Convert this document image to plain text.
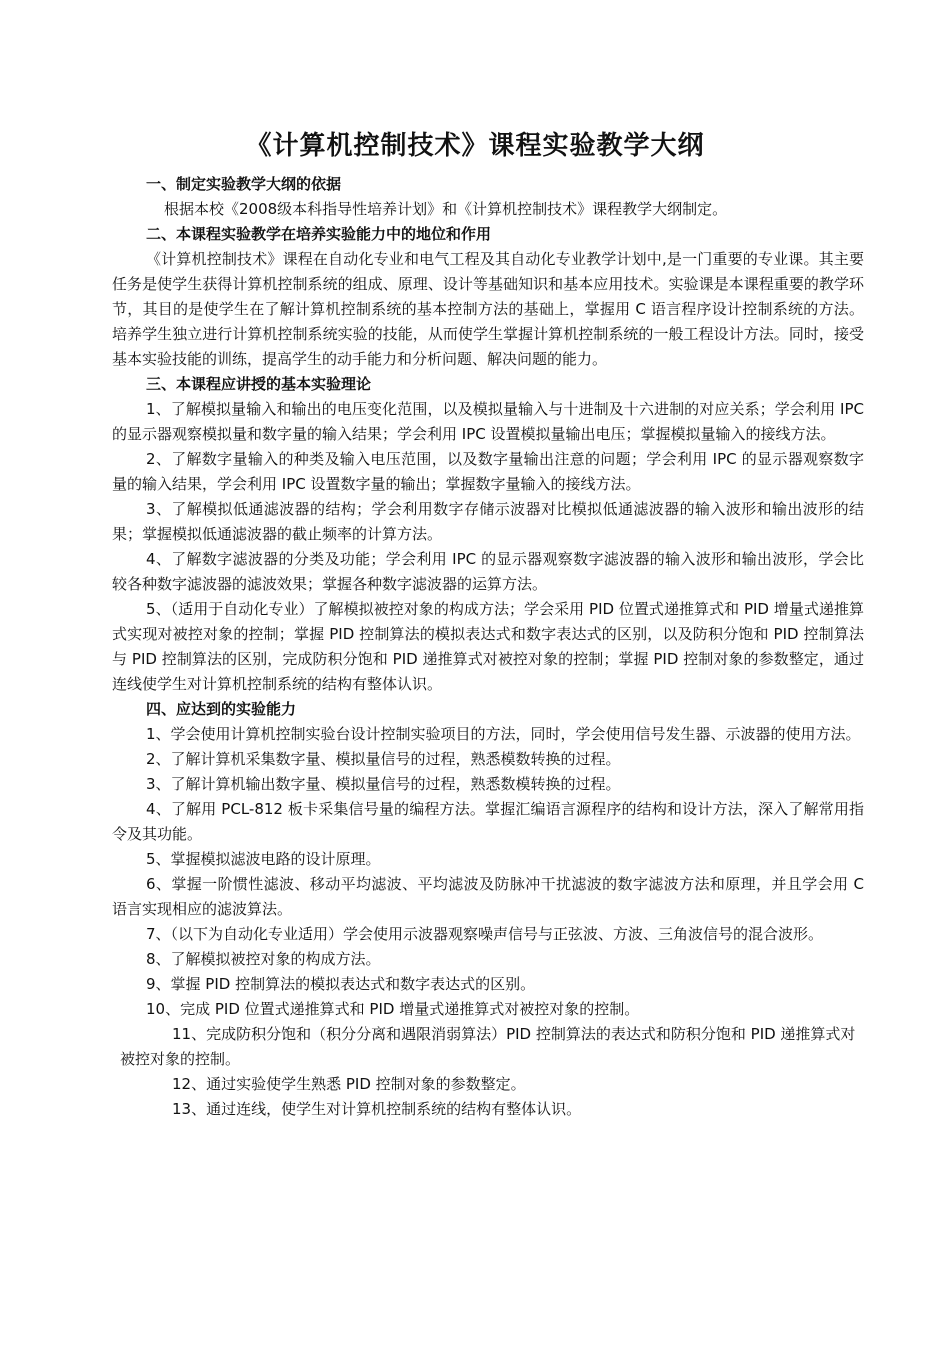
《计算机控制技术》课程实验教学大纲

一、制定实验教学大纲的依据

根据本校《2008级本科指导性培养计划》和《计算机控制技术》课程教学大纲制定。

二、本课程实验教学在培养实验能力中的地位和作用

《计算机控制技术》课程在自动化专业和电气工程及其自动化专业教学计划中,是一门重要的专业课。其主要任务是使学生获得计算机控制系统的组成、原理、设计等基础知识和基本应用技术。实验课是本课程重要的教学环节，其目的是使学生在了解计算机控制系统的基本控制方法的基础上，掌握用 C 语言程序设计控制系统的方法。培养学生独立进行计算机控制系统实验的技能，从而使学生掌握计算机控制系统的一般工程设计方法。同时，接受基本实验技能的训练，提高学生的动手能力和分析问题、解决问题的能力。

三、本课程应讲授的基本实验理论

1、了解模拟量输入和输出的电压变化范围，以及模拟量输入与十进制及十六进制的对应关系；学会利用 IPC 的显示器观察模拟量和数字量的输入结果；学会利用 IPC 设置模拟量输出电压；掌握模拟量输入的接线方法。

2、了解数字量输入的种类及输入电压范围，以及数字量输出注意的问题；学会利用 IPC 的显示器观察数字量的输入结果，学会利用 IPC 设置数字量的输出；掌握数字量输入的接线方法。

3、了解模拟低通滤波器的结构；学会利用数字存储示波器对比模拟低通滤波器的输入波形和输出波形的结果；掌握模拟低通滤波器的截止频率的计算方法。

4、了解数字滤波器的分类及功能；学会利用 IPC 的显示器观察数字滤波器的输入波形和输出波形，学会比较各种数字滤波器的滤波效果；掌握各种数字滤波器的运算方法。

5、（适用于自动化专业）了解模拟被控对象的构成方法；学会采用 PID 位置式递推算式和 PID 增量式递推算式实现对被控对象的控制；掌握 PID 控制算法的模拟表达式和数字表达式的区别，以及防积分饱和 PID 控制算法与 PID 控制算法的区别，完成防积分饱和 PID 递推算式对被控对象的控制；掌握 PID 控制对象的参数整定，通过连线使学生对计算机控制系统的结构有整体认识。

四、应达到的实验能力

1、学会使用计算机控制实验台设计控制实验项目的方法，同时，学会使用信号发生器、示波器的使用方法。

2、了解计算机采集数字量、模拟量信号的过程，熟悉模数转换的过程。

3、了解计算机输出数字量、模拟量信号的过程，熟悉数模转换的过程。

4、了解用 PCL-812 板卡采集信号量的编程方法。掌握汇编语言源程序的结构和设计方法，深入了解常用指令及其功能。

5、掌握模拟滤波电路的设计原理。

6、掌握一阶惯性滤波、移动平均滤波、平均滤波及防脉冲干扰滤波的数字滤波方法和原理，并且学会用 C 语言实现相应的滤波算法。

7、（以下为自动化专业适用）学会使用示波器观察噪声信号与正弦波、方波、三角波信号的混合波形。

8、了解模拟被控对象的构成方法。

9、掌握 PID 控制算法的模拟表达式和数字表达式的区别。

10、完成 PID 位置式递推算式和 PID 增量式递推算式对被控对象的控制。

11、完成防积分饱和（积分分离和遇限消弱算法）PID 控制算法的表达式和防积分饱和 PID 递推算式对被控对象的控制。

12、通过实验使学生熟悉 PID 控制对象的参数整定。

13、通过连线，使学生对计算机控制系统的结构有整体认识。
